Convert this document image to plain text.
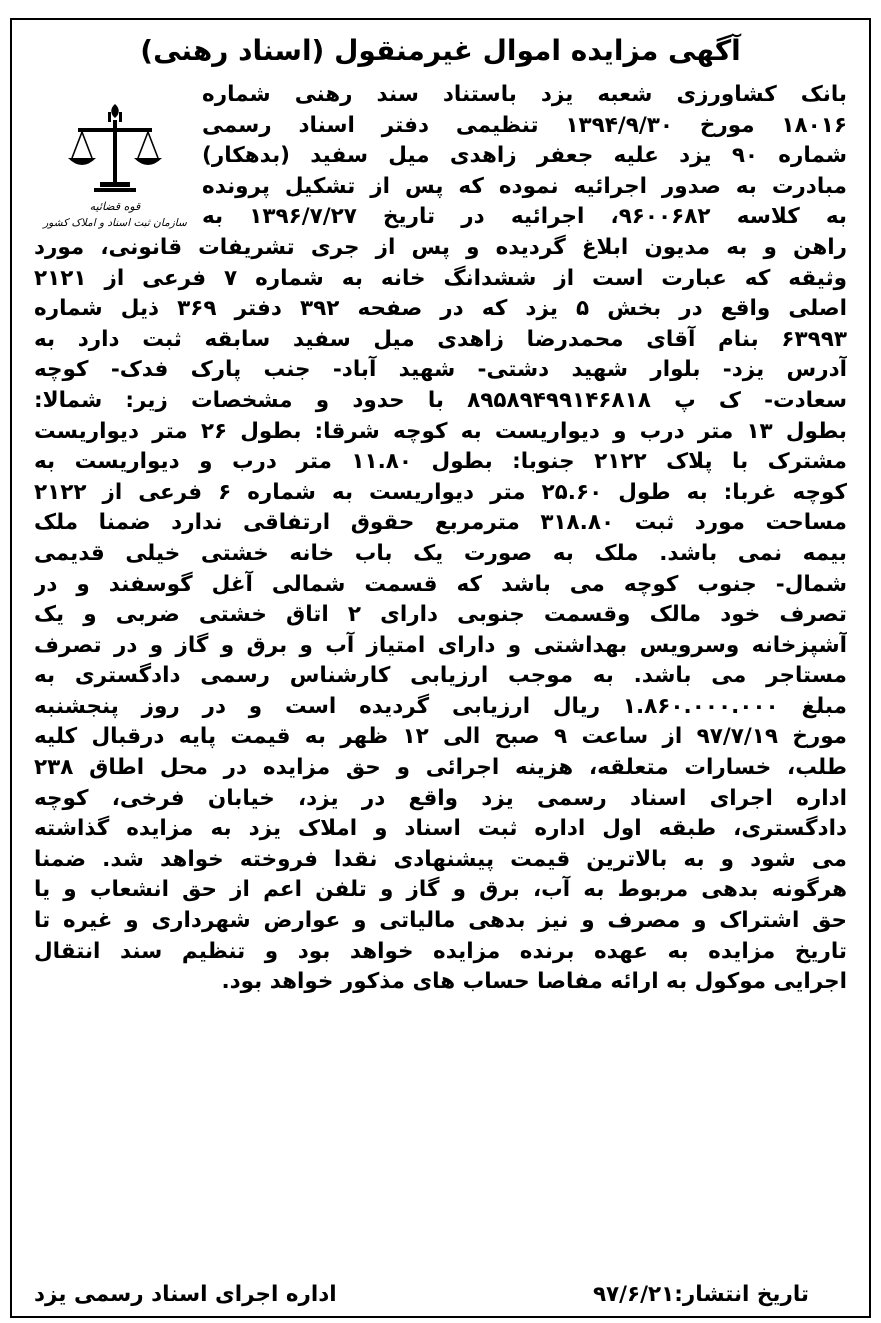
آگهی مزایده اموال غیرمنقول (اسناد رهنی)
قوه قضائیه
سازمان ثبت اسناد و املاک کشور
بانک کشاورزی شعبه یزد باستناد سند رهنی شماره
۱۸۰۱۶ مورخ ۱۳۹۴/۹/۳۰ تنظیمی دفتر اسناد رسمی
شماره ۹۰ یزد علیه جعفر زاهدی میل سفید (بدهکار)
مبادرت به صدور اجرائیه نموده که پس از تشکیل پرونده
به کلاسه ۹۶۰۰۶۸۲، اجرائیه در تاریخ ۱۳۹۶/۷/۲۷ به
راهن و به مدیون ابلاغ گردیده و پس از جری تشریفات قانونی، مورد
وثیقه که عبارت است از ششدانگ خانه به شماره ۷ فرعی از ۲۱۲۱
اصلی واقع در بخش ۵ یزد که در صفحه ۳۹۲ دفتر ۳۶۹ ذیل شماره
۶۳۹۹۳ بنام آقای محمدرضا زاهدی میل سفید سابقه ثبت دارد به
آدرس یزد- بلوار شهید دشتی- شهید آباد- جنب پارک فدک- کوچه
سعادت- ک پ ۸۹۵۸۹۴۹۹۱۴۶۸۱۸ با حدود و مشخصات زیر: شمالا:
بطول ۱۳ متر درب و دیواریست به کوچه شرقا: بطول ۲۶ متر دیواریست
مشترک با پلاک ۲۱۲۲ جنوبا: بطول ۱۱.۸۰ متر درب و دیواریست به
کوچه غربا: به طول ۲۵.۶۰ متر دیواریست به شماره ۶ فرعی از ۲۱۲۲
مساحت مورد ثبت ۳۱۸.۸۰ مترمربع حقوق ارتفاقی ندارد ضمنا ملک
بیمه نمی باشد. ملک به صورت یک باب خانه خشتی خیلی قدیمی
شمال- جنوب کوچه می باشد که قسمت شمالی آغل گوسفند و در
تصرف خود مالک وقسمت جنوبی دارای ۲ اتاق خشتی ضربی و یک
آشپزخانه وسرویس بهداشتی و دارای امتیاز آب و برق و گاز و در تصرف
مستاجر می باشد. به موجب ارزیابی کارشناس رسمی دادگستری به
مبلغ ۱.۸۶۰.۰۰۰.۰۰۰ ریال ارزیابی گردیده است و در روز پنجشنبه
مورخ ۹۷/۷/۱۹ از ساعت ۹ صبح الی ۱۲ ظهر به قیمت پایه درقبال کلیه
طلب، خسارات متعلقه، هزینه اجرائی و حق مزایده در محل اطاق ۲۳۸
اداره اجرای اسناد رسمی یزد واقع در یزد، خیابان فرخی، کوچه
دادگستری، طبقه اول اداره ثبت اسناد و املاک یزد به مزایده گذاشته
می شود و به بالاترین قیمت پیشنهادی نقدا فروخته خواهد شد. ضمنا
هرگونه بدهی مربوط به آب، برق و گاز و تلفن اعم از حق انشعاب و یا
حق اشتراک و مصرف و نیز بدهی مالیاتی و عوارض شهرداری و غیره تا
تاریخ مزایده به عهده برنده مزایده خواهد بود و تنظیم سند انتقال
اجرایی موکول به ارائه مفاصا حساب های مذکور خواهد بود.
تاریخ انتشار:۹۷/۶/۲۱
اداره اجرای اسناد رسمی یزد
